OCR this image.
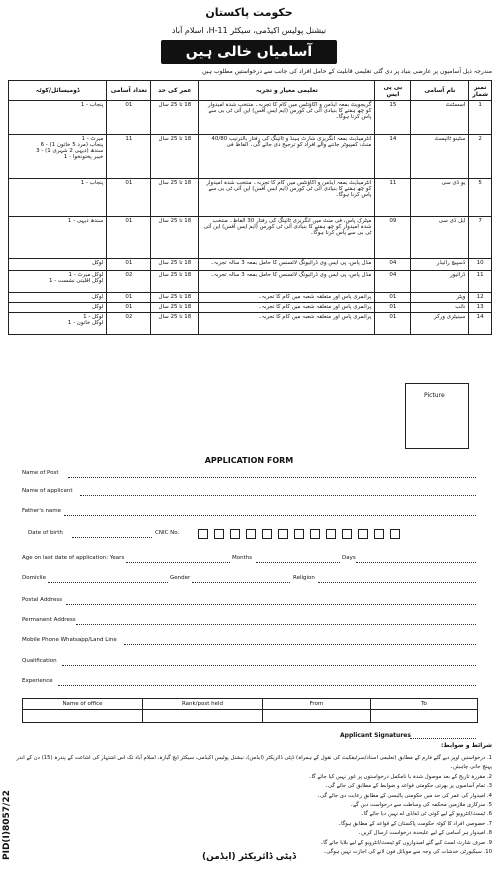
حکومت پاکستان
نیشنل پولیس اکیڈمی، سیکٹر H-11، اسلام آباد
آسامیاں خالی ہیں
مندرجہ ذیل آسامیوں پر عارضی بنیاد پر دی گئی تعلیمی قابلیت کے حامل افراد کی جانب سے درخواستیں مطلوب ہیں
نمبر شمار	نام آسامی	بی پی ایس	تعلیمی معیار و تجربہ	عمر کی حد	تعداد آسامی	ڈومیسائل/کوٹہ
1	اسسٹنٹ	15	گریجویٹ بمعہ ایڈمن و اکاؤنٹس میں کام کا تجربہ۔ منتخب شدہ امیدوار کو چھ ہفتے کا بنیادی آئی ٹی کورس (ایم ایس آفس) این آئی ٹی بی سے پاس کرنا ہوگا۔	18 تا 25 سال	01	پنجاب - 1
2	سٹینو ٹائپسٹ	14	انٹرمیڈیٹ بمعہ انگریزی شارٹ ہینڈ و ٹائپنگ کی رفتار بالترتیب 40/80 منٹ، کمپیوٹر جاننے والے افراد کو ترجیح دی جائے گی۔ الفاظ فی	18 تا 25 سال	11	میرٹ - 1
پنجاب (مرد 5 خاتون 1) - 6
سندھ (دیہی 2 شہری 1) - 3
خیبر پختونخوا - 1
5	یو ڈی سی	11	انٹرمیڈیٹ بمعہ ایڈمن و اکاؤنٹس میں کام کا تجربہ۔ منتخب شدہ امیدوار کو چھ ہفتے کا بنیادی آئی ٹی کورس (ایم ایس آفس) این آئی ٹی بی سے پاس کرنا ہوگا۔	18 تا 25 سال	01	پنجاب - 1
7	ایل ڈی سی	09	میٹرک پاس، فی منٹ میں انگریزی ٹائپنگ کی رفتار 30 الفاظ۔ منتخب شدہ امیدوار کو چھ ہفتے کا بنیادی آئی ٹی کورس (ایم ایس آفس) این آئی ٹی بی سے پاس کرنا ہوگا۔	18 تا 25 سال	01	سندھ دیہی - 1
10	ڈسپیچ رائیڈر	04	مڈل پاس، پی ایس وی ڈرائیونگ لائسنس کا حامل بمعہ 3 سالہ تجربہ۔	18 تا 25 سال	01	لوکل
11	ڈرائیور	04	مڈل پاس، پی ایس وی ڈرائیونگ لائسنس کا حامل بمعہ 3 سالہ تجربہ۔	18 تا 25 سال	02	لوکل میرٹ - 1
لوکل اقلیتی نشست - 1
12	ویٹر	01	پرائمری پاس اور متعلقہ شعبہ میں کام کا تجربہ۔	18 تا 25 سال	01	لوکل
13	نائب	01	پرائمری پاس اور متعلقہ شعبہ میں کام کا تجربہ۔	18 تا 25 سال	01	لوکل
14	سینیٹری ورکر	01	پرائمری پاس اور متعلقہ شعبہ میں کام کا تجربہ۔	18 تا 25 سال	02	لوکل - 1
لوکل خاتون - 1
Picture
APPLICATION FORM
Name of Post
Name of applicant
Father's name
Date of birth	CNIC No.
Age on last date of application: Years	Months	Days
Domicile	Gender	Religion
Postal Address
Permanent Address
Mobile Phone Whatsapp/Land Line
Qualification
Experience
Name of office	Rank/post held	From	To

Applicant Signatures
شرائط و ضوابط:
1. درخواستیں اوپر دیے گئے فارم کے مطابق (تعلیمی اسناد/سرٹیفکیٹ کی نقول کے ہمراہ) ڈپٹی ڈائریکٹر (ایڈمن)، نیشنل پولیس اکیڈمی، سیکٹر ایچ گیارہ، اسلام آباد تک اس اشتہار کی اشاعت کے پندرہ (15) دن کے اندر پہنچ جانی چاہیئں۔
2. مقررہ تاریخ کے بعد موصول شدہ یا نامکمل درخواستوں پر غور نہیں کیا جائے گا۔
3. تمام آسامیوں پر بھرتی حکومتی قواعد و ضوابط کے مطابق کی جائے گی۔
4. امیدوار کی عمر کی حد میں حکومتی پالیسی کے مطابق رعایت دی جائے گی۔
5. سرکاری ملازمین محکمہ کی وساطت سے درخواست دیں گے۔
6. ٹیسٹ/انٹرویو کے لیے کوئی ٹی اے/ڈی اے نہیں دیا جائے گا۔
7. خصوصی افراد کا کوٹہ حکومت پاکستان کے قواعد کے مطابق ہوگا۔
8. امیدوار ہر آسامی کے لیے علیحدہ درخواست ارسال کریں۔
9. صرف شارٹ لسٹ کیے گئے امیدواروں کو ٹیسٹ/انٹرویو کے لیے بلایا جائے گا۔
10. سیکیورٹی خدشات کی وجہ سے موبائل فون لانے کی اجازت نہیں ہوگی۔
PID(I)8057/22	ڈپٹی ڈائریکٹر (ایڈمن)
